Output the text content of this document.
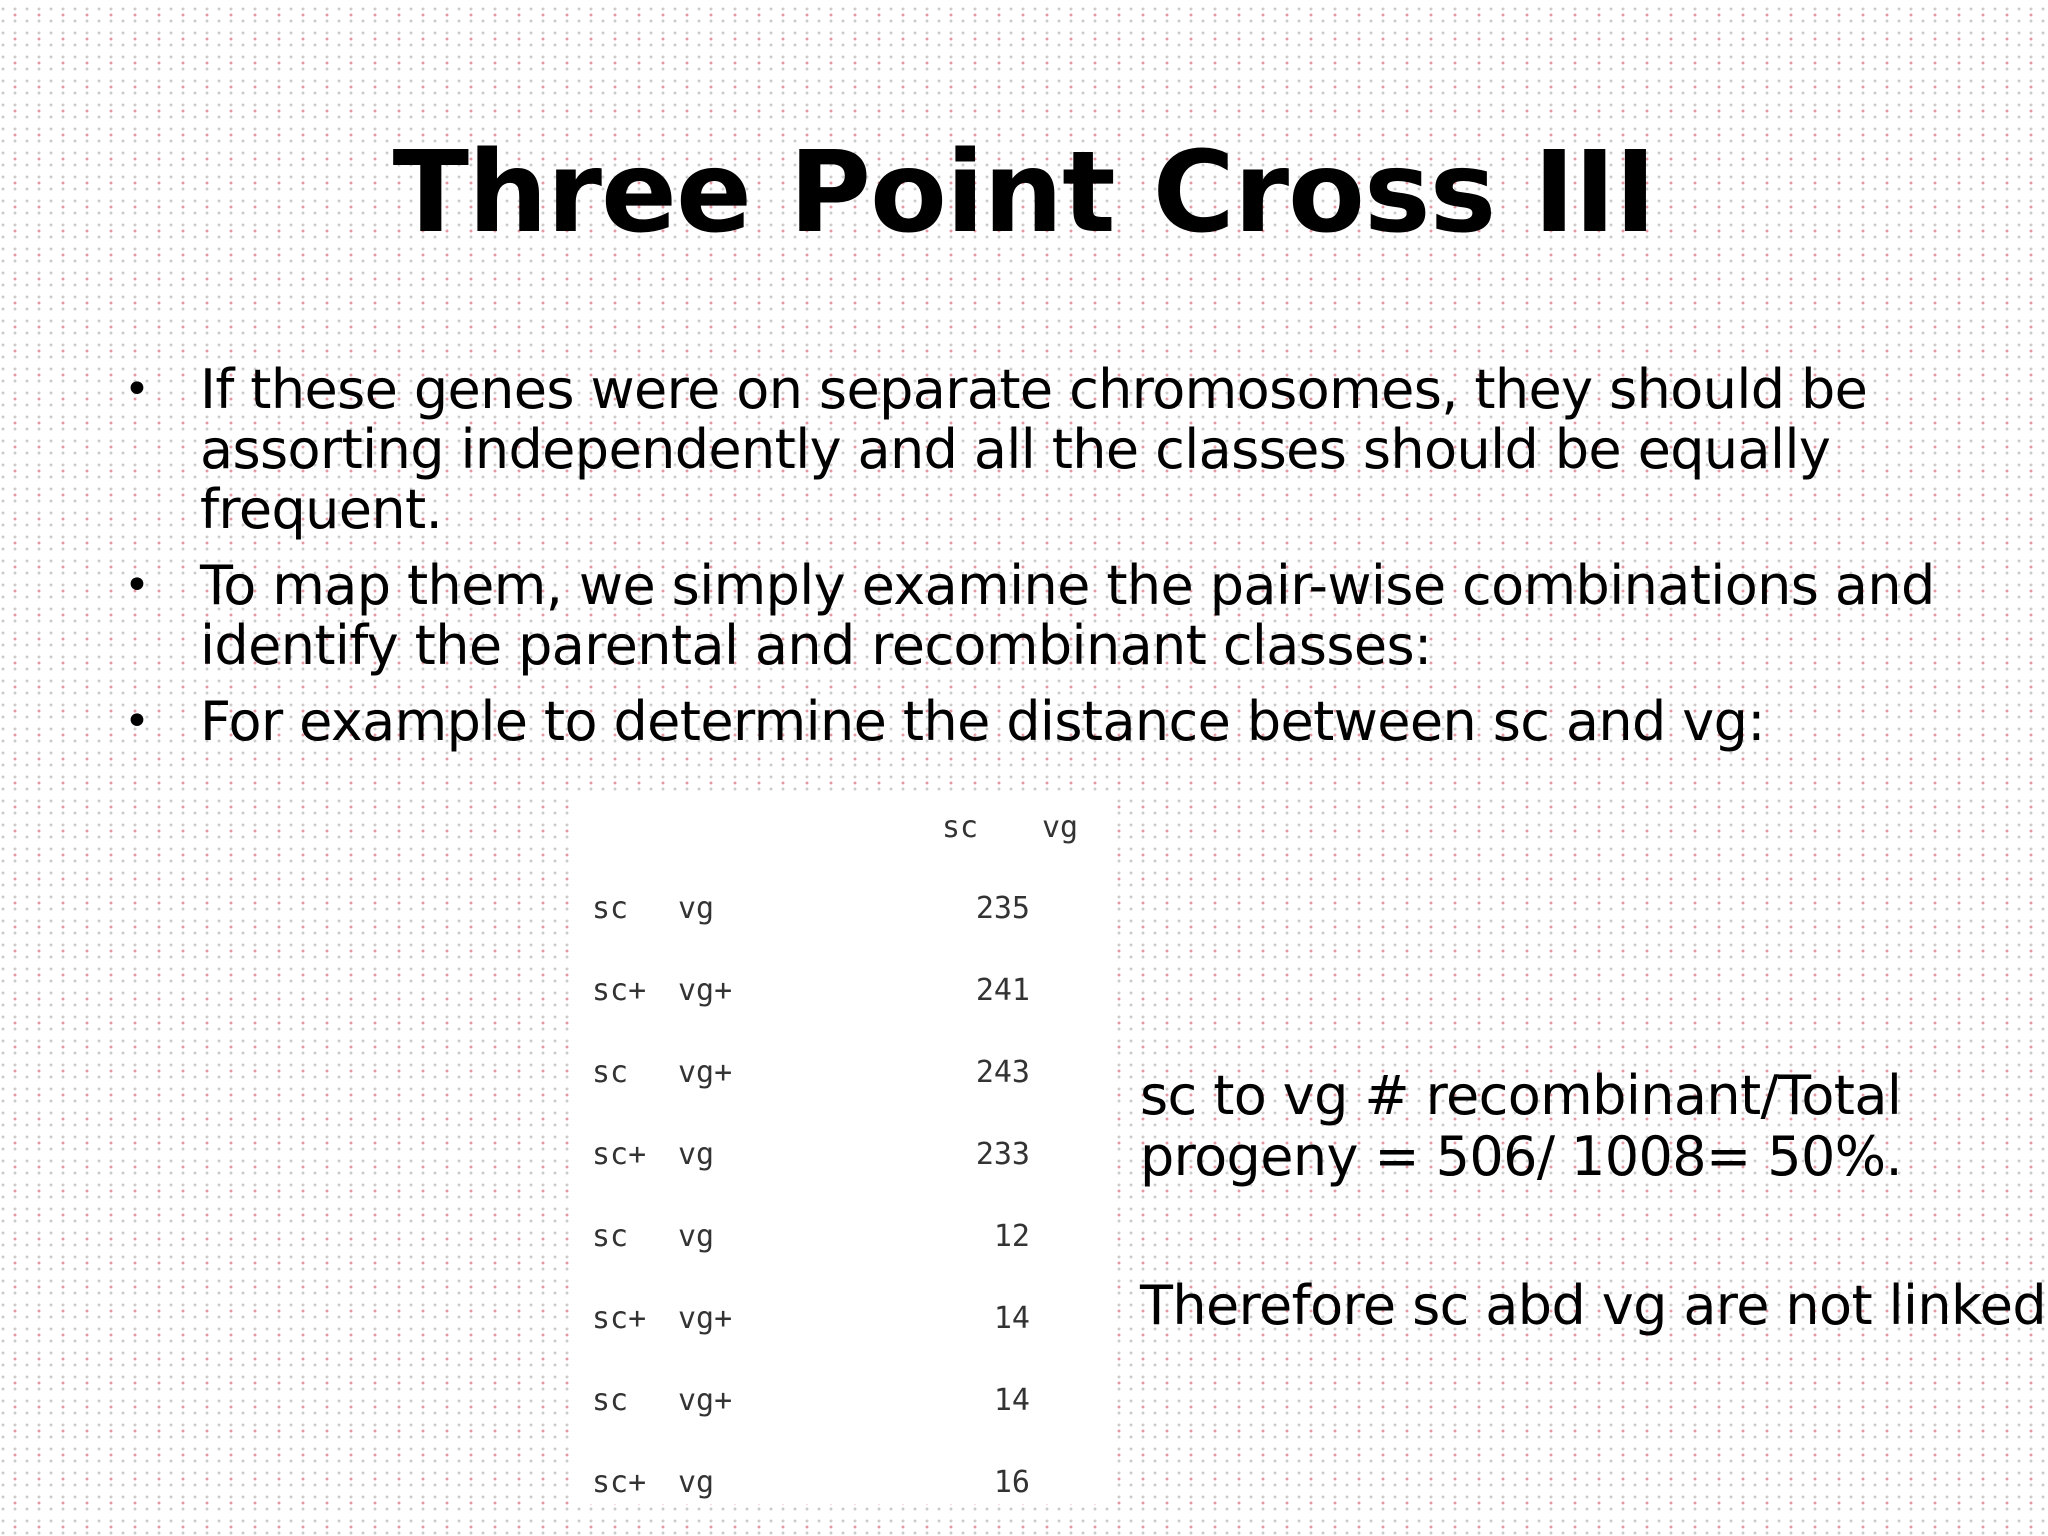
Three Point Cross III
• If these genes were on separate chromosomes, they should be assorting independently and all the classes should be equally frequent.
• To map them, we simply examine the pair-wise combinations and identify the parental and recombinant classes:
• For example to determine the distance between sc and vg:
sc vg
sc vg	235
sc+ vg+	241
sc vg+	243
sc+ vg	233
sc vg	12
sc+ vg+	14
sc vg+	14
sc+ vg	16
sc to vg # recombinant/Total progeny = 506/ 1008= 50%.
Therefore sc abd vg are not linked
